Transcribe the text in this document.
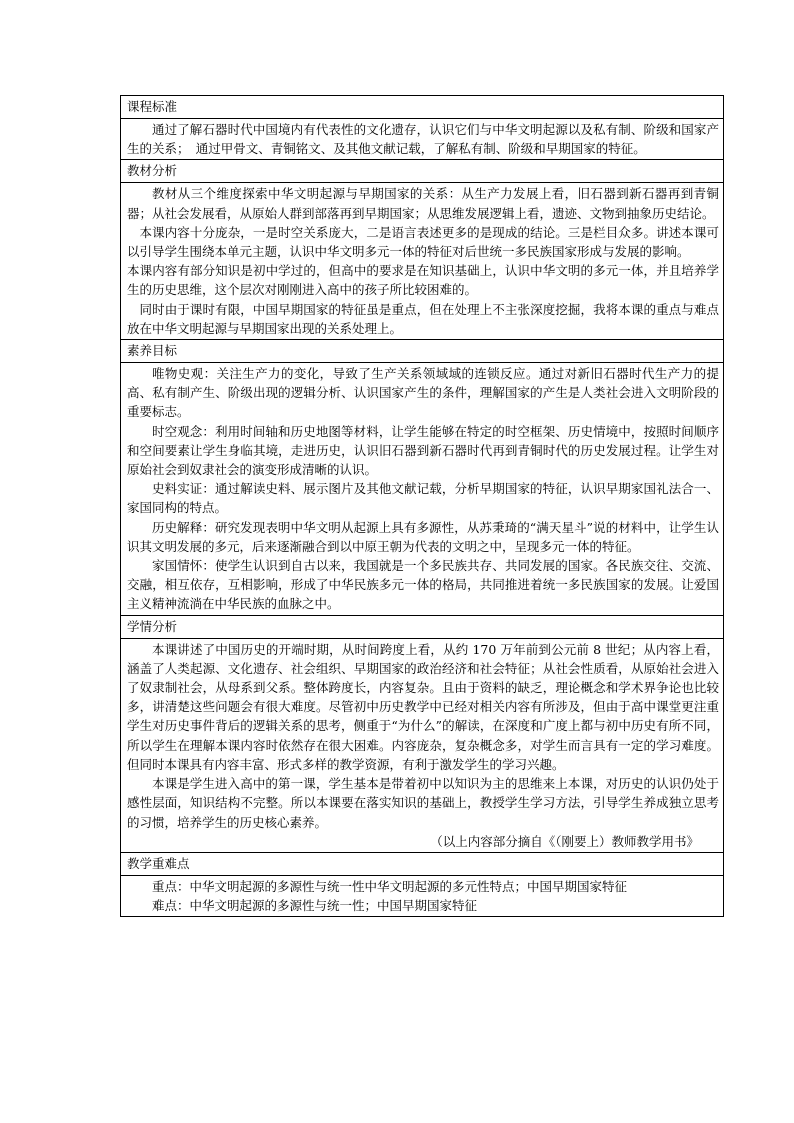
课程标准

通过了解石器时代中国境内有代表性的文化遗存，认识它们与中华文明起源以及私有制、阶级和国家产生的关系；　通过甲骨文、青铜铭文、及其他文献记载，了解私有制、阶级和早期国家的特征。

教材分析

教材从三个维度探索中华文明起源与早期国家的关系：从生产力发展上看，旧石器到新石器再到青铜器；从社会发展看，从原始人群到部落再到早期国家；从思维发展逻辑上看，遗迹、文物到抽象历史结论。

本课内容十分庞杂，一是时空关系庞大，二是语言表述更多的是现成的结论。三是栏目众多。讲述本课可以引导学生围绕本单元主题，认识中华文明多元一体的特征对后世统一多民族国家形成与发展的影响。

本课内容有部分知识是初中学过的，但高中的要求是在知识基础上，认识中华文明的多元一体，并且培养学生的历史思维，这个层次对刚刚进入高中的孩子所比较困难的。

同时由于课时有限，中国早期国家的特征虽是重点，但在处理上不主张深度挖掘，我将本课的重点与难点放在中华文明起源与早期国家出现的关系处理上。

素养目标

唯物史观：关注生产力的变化，导致了生产关系领域域的连锁反应。通过对新旧石器时代生产力的提高、私有制产生、阶级出现的逻辑分析、认识国家产生的条件，理解国家的产生是人类社会进入文明阶段的重要标志。

时空观念：利用时间轴和历史地图等材料，让学生能够在特定的时空框架、历史情境中，按照时间顺序和空间要素让学生身临其境，走进历史，认识旧石器到新石器时代再到青铜时代的历史发展过程。让学生对原始社会到奴隶社会的演变形成清晰的认识。

史料实证：通过解读史料、展示图片及其他文献记载，分析早期国家的特征，认识早期家国礼法合一、家国同构的特点。

历史解释：研究发现表明中华文明从起源上具有多源性，从苏秉琦的“满天星斗”说的材料中，让学生认识其文明发展的多元，后来逐渐融合到以中原王朝为代表的文明之中，呈现多元一体的特征。

家国情怀：使学生认识到自古以来，我国就是一个多民族共存、共同发展的国家。各民族交往、交流、交融，相互依存，互相影响，形成了中华民族多元一体的格局，共同推进着统一多民族国家的发展。让爱国主义精神流淌在中华民族的血脉之中。

学情分析

本课讲述了中国历史的开端时期，从时间跨度上看，从约 170 万年前到公元前 8 世纪；从内容上看，涵盖了人类起源、文化遗存、社会组织、早期国家的政治经济和社会特征；从社会性质看，从原始社会进入了奴隶制社会，从母系到父系。整体跨度长，内容复杂。且由于资料的缺乏，理论概念和学术界争论也比较多，讲清楚这些问题会有很大难度。尽管初中历史教学中已经对相关内容有所涉及，但由于高中课堂更注重学生对历史事件背后的逻辑关系的思考，侧重于“为什么”的解读，在深度和广度上都与初中历史有所不同，所以学生在理解本课内容时依然存在很大困难。内容庞杂，复杂概念多，对学生而言具有一定的学习难度。但同时本课具有内容丰富、形式多样的教学资源，有利于激发学生的学习兴趣。

本课是学生进入高中的第一课，学生基本是带着初中以知识为主的思维来上本课，对历史的认识仍处于感性层面，知识结构不完整。所以本课要在落实知识的基础上，教授学生学习方法，引导学生养成独立思考的习惯，培养学生的历史核心素养。

（以上内容部分摘自《（刚要上）教师教学用书》

教学重难点

重点：中华文明起源的多源性与统一性中华文明起源的多元性特点；中国早期国家特征

难点：中华文明起源的多源性与统一性；中国早期国家特征
